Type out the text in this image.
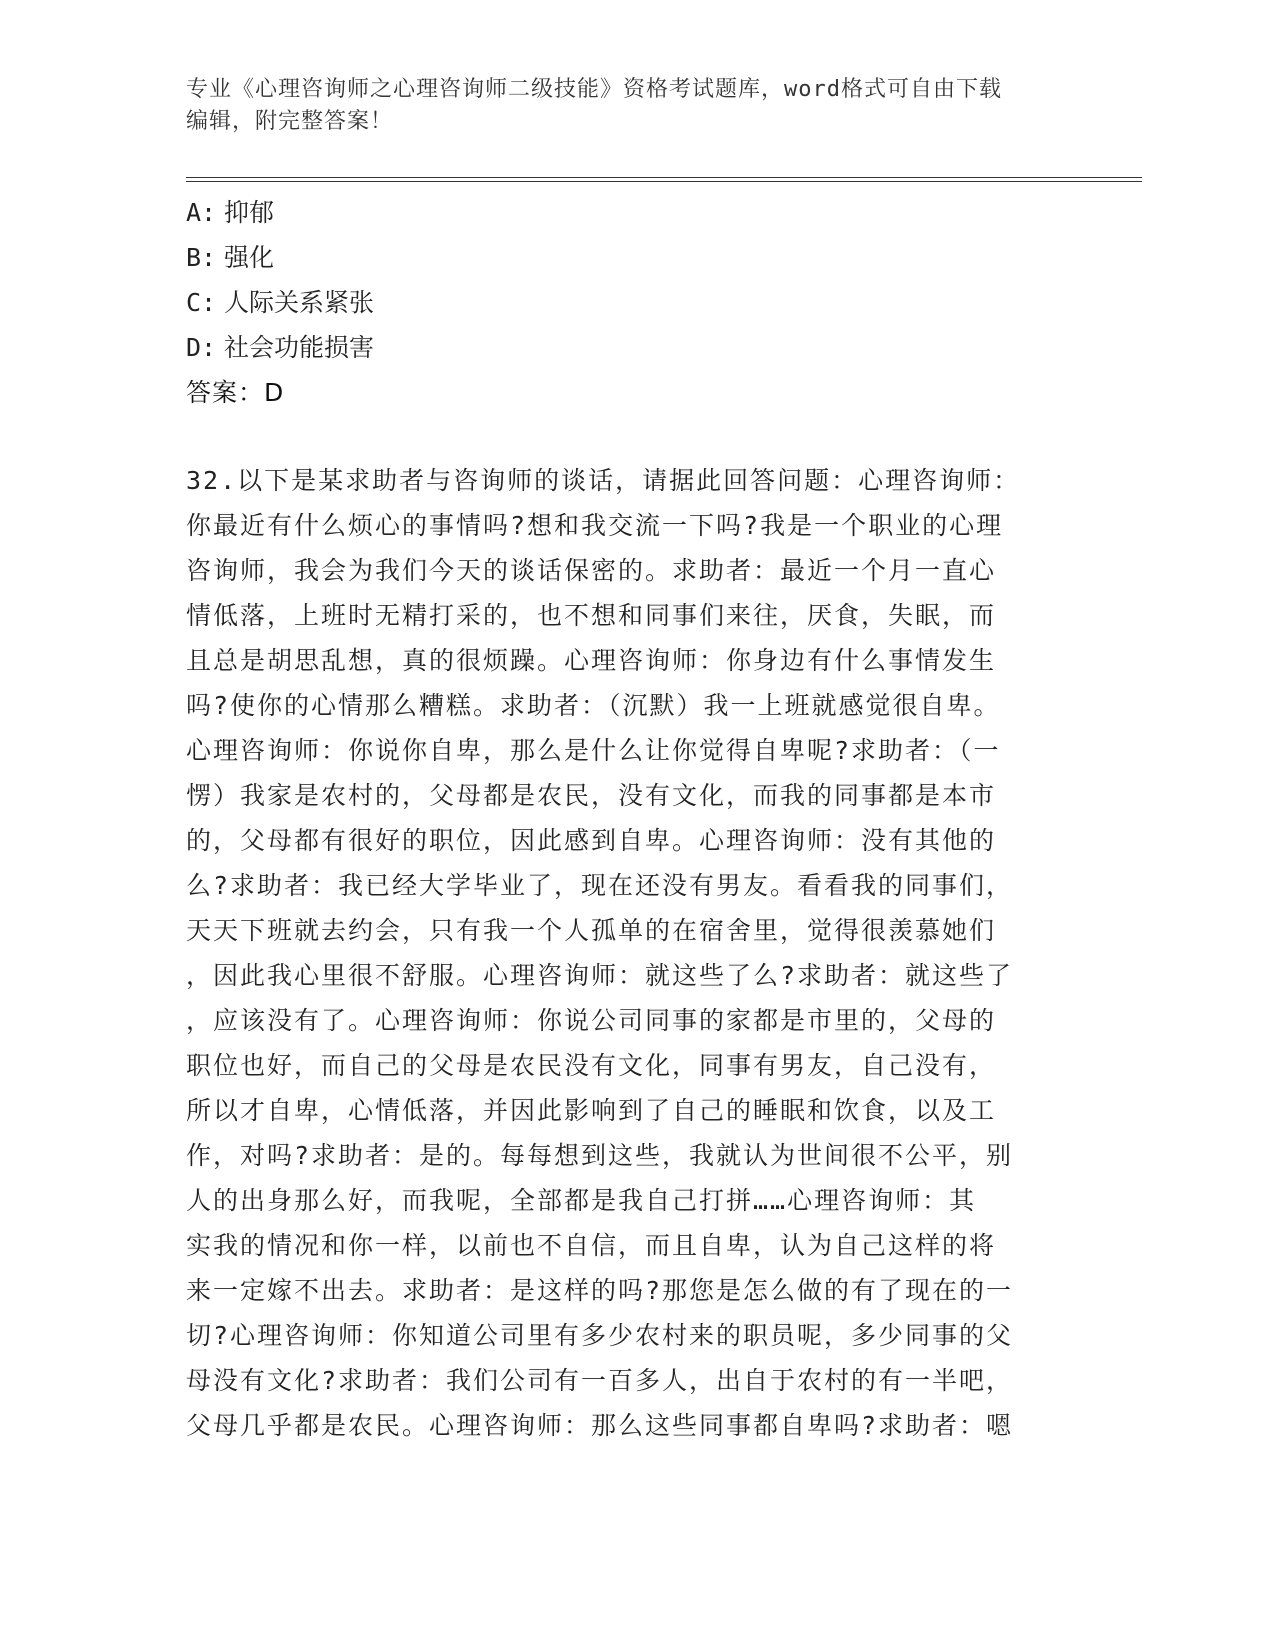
专业《心理咨询师之心理咨询师二级技能》资格考试题库，word格式可自由下载
编辑，附完整答案！
A: 抑郁
B: 强化
C: 人际关系紧张
D: 社会功能损害
答案：D
32.以下是某求助者与咨询师的谈话，请据此回答问题：心理咨询师：
你最近有什么烦心的事情吗?想和我交流一下吗?我是一个职业的心理
咨询师，我会为我们今天的谈话保密的。求助者：最近一个月一直心
情低落，上班时无精打采的，也不想和同事们来往，厌食，失眠，而
且总是胡思乱想，真的很烦躁。心理咨询师：你身边有什么事情发生
吗?使你的心情那么糟糕。求助者：（沉默）我一上班就感觉很自卑。
心理咨询师：你说你自卑，那么是什么让你觉得自卑呢?求助者：（一
愣）我家是农村的，父母都是农民，没有文化，而我的同事都是本市
的，父母都有很好的职位，因此感到自卑。心理咨询师：没有其他的
么?求助者：我已经大学毕业了，现在还没有男友。看看我的同事们，
天天下班就去约会，只有我一个人孤单的在宿舍里，觉得很羡慕她们
，因此我心里很不舒服。心理咨询师：就这些了么?求助者：就这些了
，应该没有了。心理咨询师：你说公司同事的家都是市里的，父母的
职位也好，而自己的父母是农民没有文化，同事有男友，自己没有，
所以才自卑，心情低落，并因此影响到了自己的睡眠和饮食，以及工
作，对吗?求助者：是的。每每想到这些，我就认为世间很不公平，别
人的出身那么好，而我呢，全部都是我自己打拼……心理咨询师：其
实我的情况和你一样，以前也不自信，而且自卑，认为自己这样的将
来一定嫁不出去。求助者：是这样的吗?那您是怎么做的有了现在的一
切?心理咨询师：你知道公司里有多少农村来的职员呢，多少同事的父
母没有文化?求助者：我们公司有一百多人，出自于农村的有一半吧，
父母几乎都是农民。心理咨询师：那么这些同事都自卑吗?求助者：嗯
